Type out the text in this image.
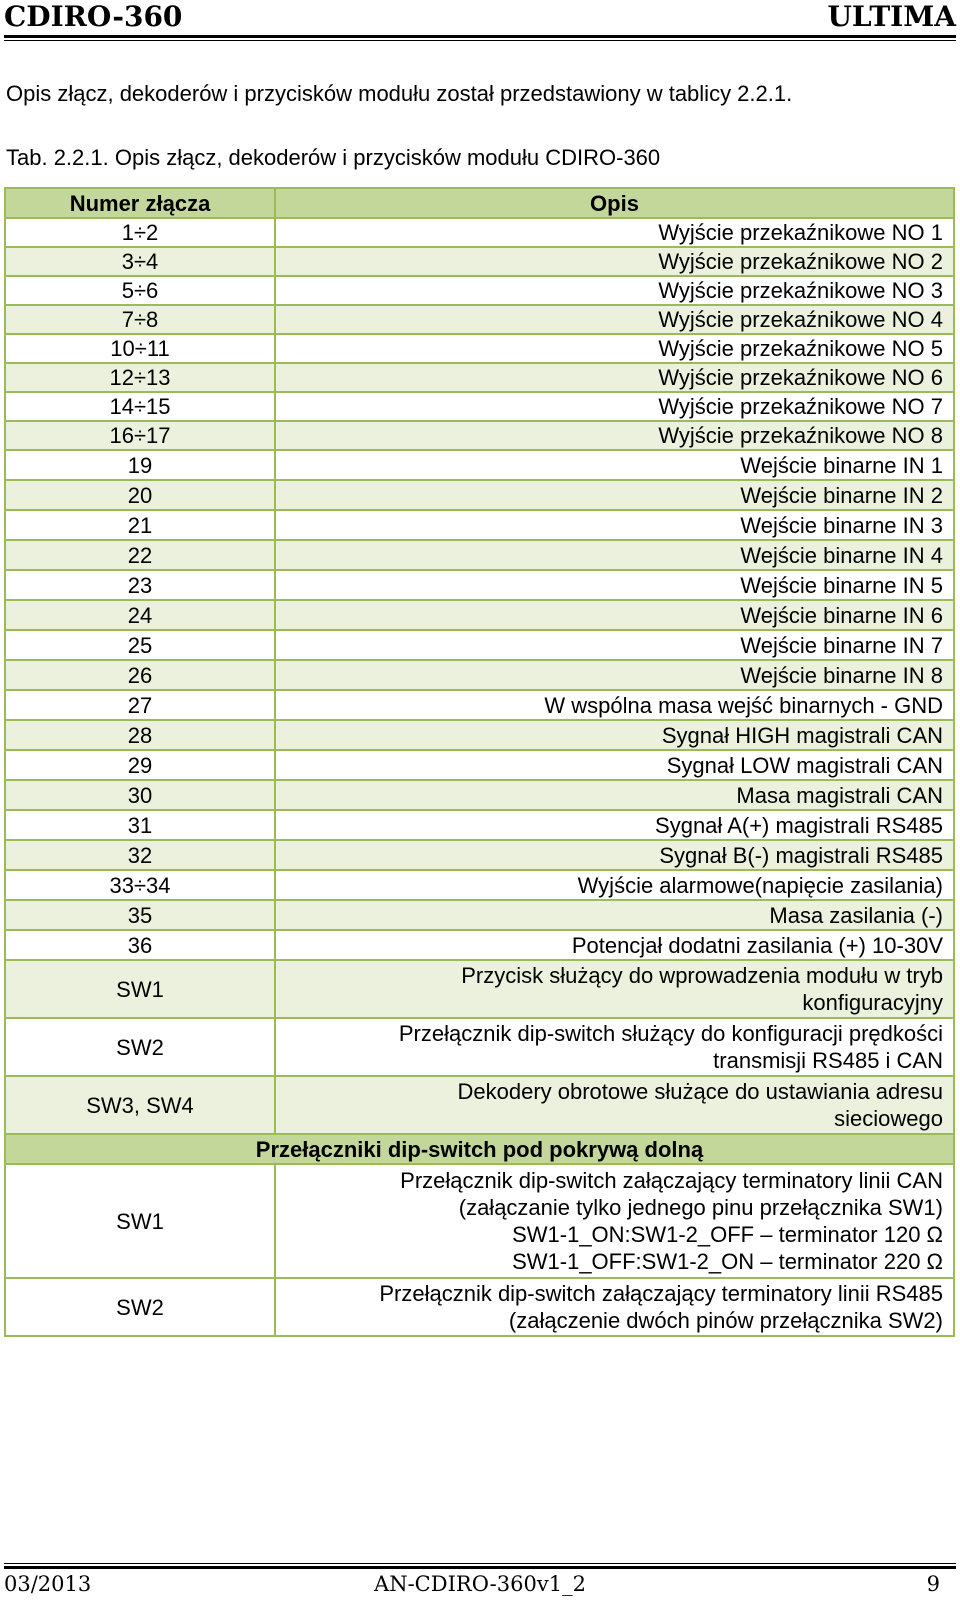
CDIRO-360	ULTIMA
Opis złącz, dekoderów i przycisków modułu został przedstawiony w tablicy 2.2.1.
Tab. 2.2.1. Opis złącz, dekoderów i przycisków modułu CDIRO-360
Numer złącza	Opis
1÷2	Wyjście przekaźnikowe NO 1
3÷4	Wyjście przekaźnikowe NO 2
5÷6	Wyjście przekaźnikowe NO 3
7÷8	Wyjście przekaźnikowe NO 4
10÷11	Wyjście przekaźnikowe NO 5
12÷13	Wyjście przekaźnikowe NO 6
14÷15	Wyjście przekaźnikowe NO 7
16÷17	Wyjście przekaźnikowe NO 8
19	Wejście binarne IN 1
20	Wejście binarne IN 2
21	Wejście binarne IN 3
22	Wejście binarne IN 4
23	Wejście binarne IN 5
24	Wejście binarne IN 6
25	Wejście binarne IN 7
26	Wejście binarne IN 8
27	W wspólna masa wejść binarnych - GND
28	Sygnał HIGH magistrali CAN
29	Sygnał LOW magistrali CAN
30	Masa magistrali CAN
31	Sygnał A(+) magistrali RS485
32	Sygnał B(-) magistrali RS485
33÷34	Wyjście alarmowe(napięcie zasilania)
35	Masa zasilania (-)
36	Potencjał dodatni zasilania (+) 10-30V
SW1	Przycisk służący do wprowadzenia modułu w tryb
konfiguracyjny

SW2	Przełącznik dip-switch służący do konfiguracji prędkości
transmisji RS485 i CAN

SW3, SW4	Dekodery obrotowe służące do ustawiania adresu
sieciowego

Przełączniki dip-switch pod pokrywą dolną	
SW1	Przełącznik dip-switch załączający terminatory linii CAN
(załączanie tylko jednego pinu przełącznika SW1)
SW1-1_ON:SW1-2_OFF – terminator 120 Ω
SW1-1_OFF:SW1-2_ON – terminator 220 Ω

SW2	Przełącznik dip-switch załączający terminatory linii RS485
(załączenie dwóch pinów przełącznika SW2)
03/2013	AN-CDIRO-360v1_2	9
